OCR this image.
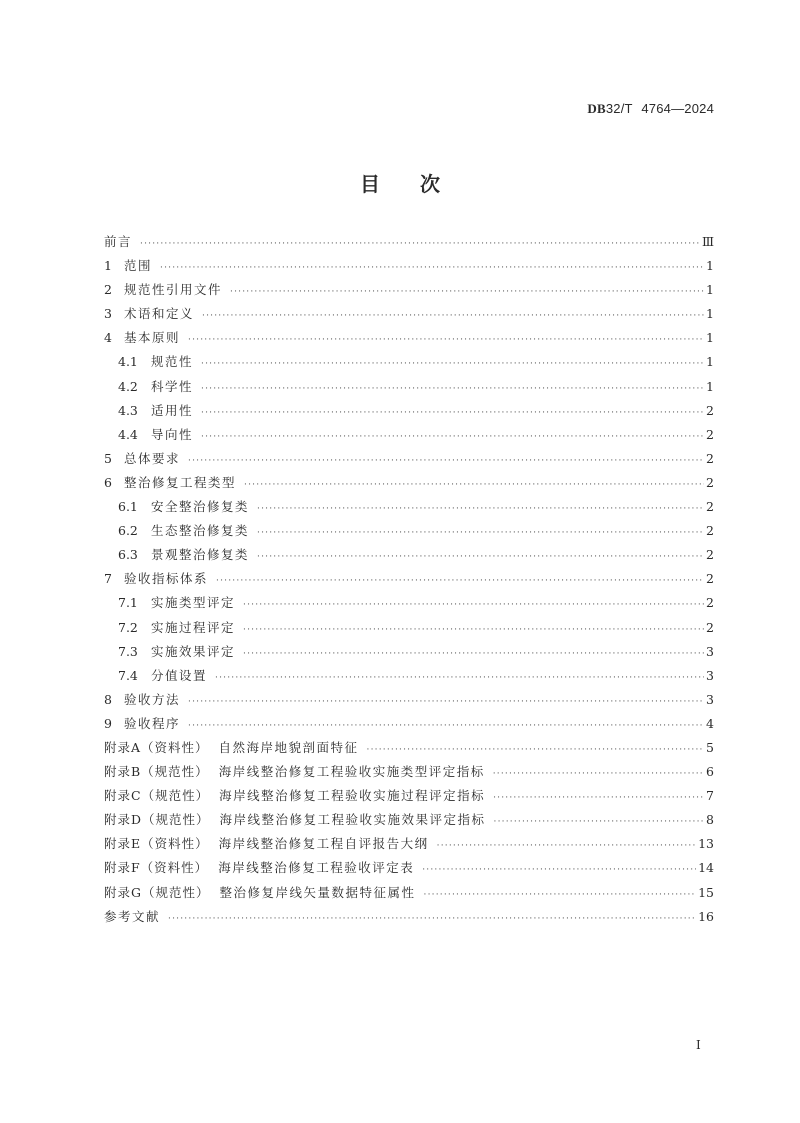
DB32/T 4764—2024
目次
前言 ·····	Ⅲ
1 范围 ·····	1
2 规范性引用文件 ·····	1
3 术语和定义 ·····	1
4 基本原则 ·····	1
4.1	规范性 ·····	1
4.2	科学性 ·····	1
4.3	适用性 ·····	2
4.4	导向性 ·····	2
5 总体要求 ·····	2
6 整治修复工程类型 ·····	2
6.1	安全整治修复类 ·····	2
6.2	生态整治修复类 ·····	2
6.3	景观整治修复类 ·····	2
7 验收指标体系 ·····	2
7.1	实施类型评定 ·····	2
7.2	实施过程评定 ·····	2
7.3	实施效果评定 ·····	3
7.4	分值设置 ·····	3
8 验收方法 ·····	3
9 验收程序 ·····	4
附录A（资料性） 自然海岸地貌剖面特征 ·····	5
附录B（规范性） 海岸线整治修复工程验收实施类型评定指标 ·····	6
附录C（规范性） 海岸线整治修复工程验收实施过程评定指标 ·····	7
附录D（规范性） 海岸线整治修复工程验收实施效果评定指标 ·····	8
附录E（资料性） 海岸线整治修复工程自评报告大纲 ·····	13
附录F（资料性） 海岸线整治修复工程验收评定表 ·····	14
附录G（规范性） 整治修复岸线矢量数据特征属性 ·····	15
参考文献 ·····	16
I
